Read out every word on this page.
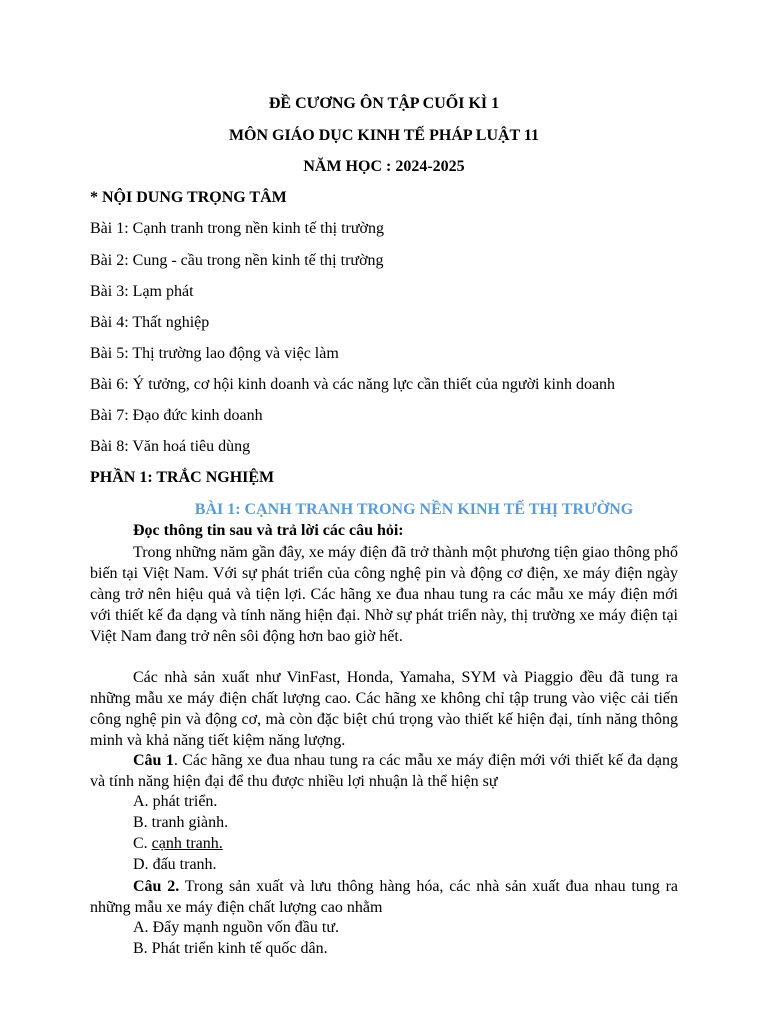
ĐỀ CƯƠNG ÔN TẬP CUỐI KÌ 1
MÔN GIÁO DỤC KINH TẾ PHÁP LUẬT 11
NĂM HỌC : 2024-2025
* NỘI DUNG TRỌNG TÂM
Bài 1: Cạnh tranh trong nền kinh tế thị trường
Bài 2: Cung - cầu trong nền kinh tế thị trường
Bài 3: Lạm phát
Bài 4: Thất nghiệp
Bài 5: Thị trường lao động và việc làm
Bài 6: Ý tưởng, cơ hội kinh doanh và các năng lực cần thiết của người kinh doanh
Bài 7: Đạo đức kinh doanh
Bài 8: Văn hoá tiêu dùng
PHẦN 1: TRẮC NGHIỆM
BÀI 1: CẠNH TRANH TRONG NỀN KINH TẾ THỊ TRƯỜNG
Đọc thông tin sau và trả lời các câu hỏi:
Trong những năm gần đây, xe máy điện đã trở thành một phương tiện giao thông phổ biến tại Việt Nam. Với sự phát triển của công nghệ pin và động cơ điện, xe máy điện ngày càng trở nên hiệu quả và tiện lợi. Các hãng xe đua nhau tung ra các mẫu xe máy điện mới với thiết kế đa dạng và tính năng hiện đại. Nhờ sự phát triển này, thị trường xe máy điện tại Việt Nam đang trở nên sôi động hơn bao giờ hết.
Các nhà sản xuất như VinFast, Honda, Yamaha, SYM và Piaggio đều đã tung ra những mẫu xe máy điện chất lượng cao. Các hãng xe không chỉ tập trung vào việc cải tiến công nghệ pin và động cơ, mà còn đặc biệt chú trọng vào thiết kế hiện đại, tính năng thông minh và khả năng tiết kiệm năng lượng.
Câu 1. Các hãng xe đua nhau tung ra các mẫu xe máy điện mới với thiết kế đa dạng và tính năng hiện đại để thu được nhiều lợi nhuận là thể hiện sự
A. phát triển.
B. tranh giành.
C. cạnh tranh.
D. đấu tranh.
Câu 2. Trong sản xuất và lưu thông hàng hóa, các nhà sản xuất đua nhau tung ra những mẫu xe máy điện chất lượng cao nhằm
A. Đẩy mạnh nguồn vốn đầu tư.
B. Phát triển kinh tế quốc dân.
